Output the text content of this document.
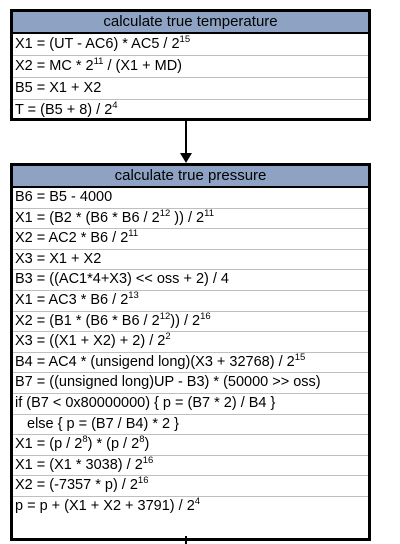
calculate true temperature
$X1 = (UT - AC6) * AC5 / 2^{15}$
X2 = MC * $2^{11} / (X1 + MD)$
B5 = X1 + X2
$T = (B5 + 8) / 2^4$
calculate true pressure
B6 = B5 - 4000
$X1 = (B2 * (B6 * B6 / 2^{12}$ )) / $2^{11}$
$X2 = AC2 * B6 / 2^{11}$
X3 = X1 + X2
B3 = ((AC1*4+X3) << oss + 2) / 4
$X1 = AC3 * B6 / 2^{13}$
$X2 = (B1 * (B6 * B6 / 2^{12})) / 2^{16}$
$X3 = ((X1 + X2) + 2) / 2^2$
B4 = AC4 * (unsigend long)(X3 + $32768) / 2^{15}$
B7 = ((unsigned long)UP - B3) * (50000 >> oss)
if (B7 < 0x80000000) { p = (B7 * 2) / B4 }
else { p = (B7 / B4) * 2 }
$X1 = (p / 2^8) * (p / 2^8)$
$X1 = (X1 * 3038) / 2^{16}$
$X2 = (-7357 * p) / 2^{16}$
$p = p + (X1 + X2 + 3791) / 2^4$
